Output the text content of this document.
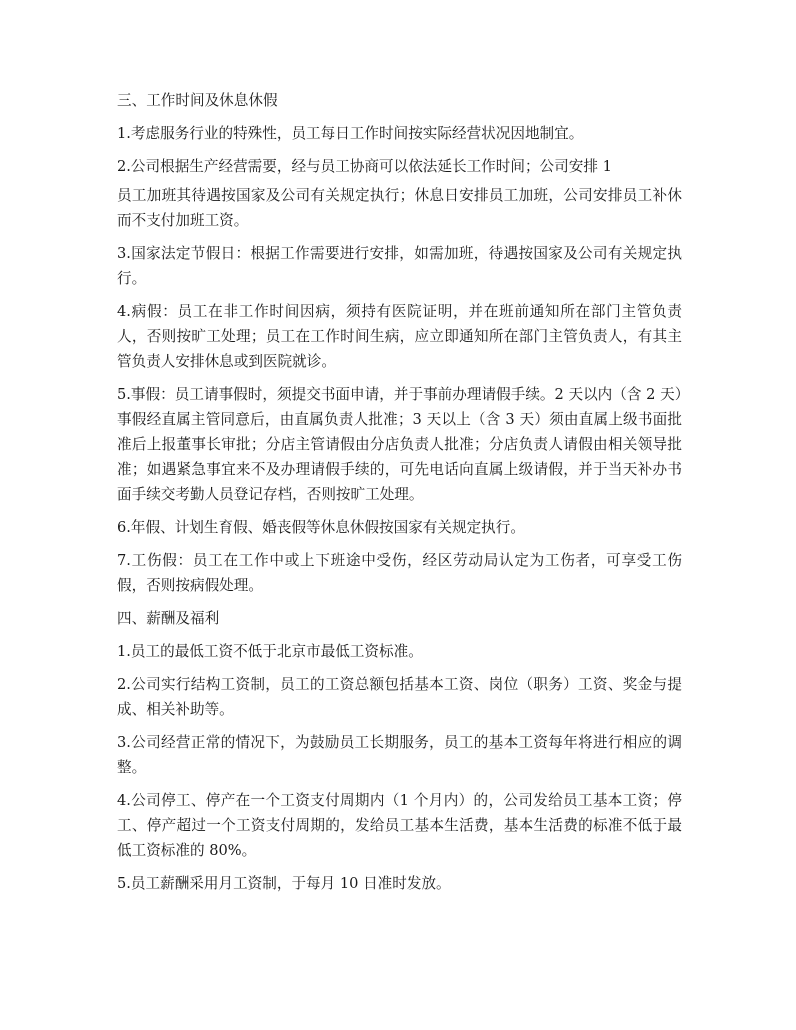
三、工作时间及休息休假

1.考虑服务行业的特殊性，员工每日工作时间按实际经营状况因地制宜。

2.公司根据生产经营需要，经与员工协商可以依法延长工作时间；公司安排 1

员工加班其待遇按国家及公司有关规定执行；休息日安排员工加班，公司安排员工补休而不支付加班工资。

3.国家法定节假日：根据工作需要进行安排，如需加班，待遇按国家及公司有关规定执行。

4.病假：员工在非工作时间因病，须持有医院证明，并在班前通知所在部门主管负责人，否则按旷工处理；员工在工作时间生病，应立即通知所在部门主管负责人，有其主管负责人安排休息或到医院就诊。

5.事假：员工请事假时，须提交书面申请，并于事前办理请假手续。2 天以内（含 2 天）事假经直属主管同意后，由直属负责人批准；3 天以上（含 3 天）须由直属上级书面批准后上报董事长审批；分店主管请假由分店负责人批准；分店负责人请假由相关领导批准；如遇紧急事宜来不及办理请假手续的，可先电话向直属上级请假，并于当天补办书面手续交考勤人员登记存档，否则按旷工处理。

6.年假、计划生育假、婚丧假等休息休假按国家有关规定执行。

7.工伤假：员工在工作中或上下班途中受伤，经区劳动局认定为工伤者，可享受工伤假，否则按病假处理。

四、薪酬及福利

1.员工的最低工资不低于北京市最低工资标准。

2.公司实行结构工资制，员工的工资总额包括基本工资、岗位（职务）工资、奖金与提成、相关补助等。

3.公司经营正常的情况下，为鼓励员工长期服务，员工的基本工资每年将进行相应的调整。

4.公司停工、停产在一个工资支付周期内（1 个月内）的，公司发给员工基本工资；停工、停产超过一个工资支付周期的，发给员工基本生活费，基本生活费的标准不低于最低工资标准的 80%。

5.员工薪酬采用月工资制，于每月 10 日准时发放。
